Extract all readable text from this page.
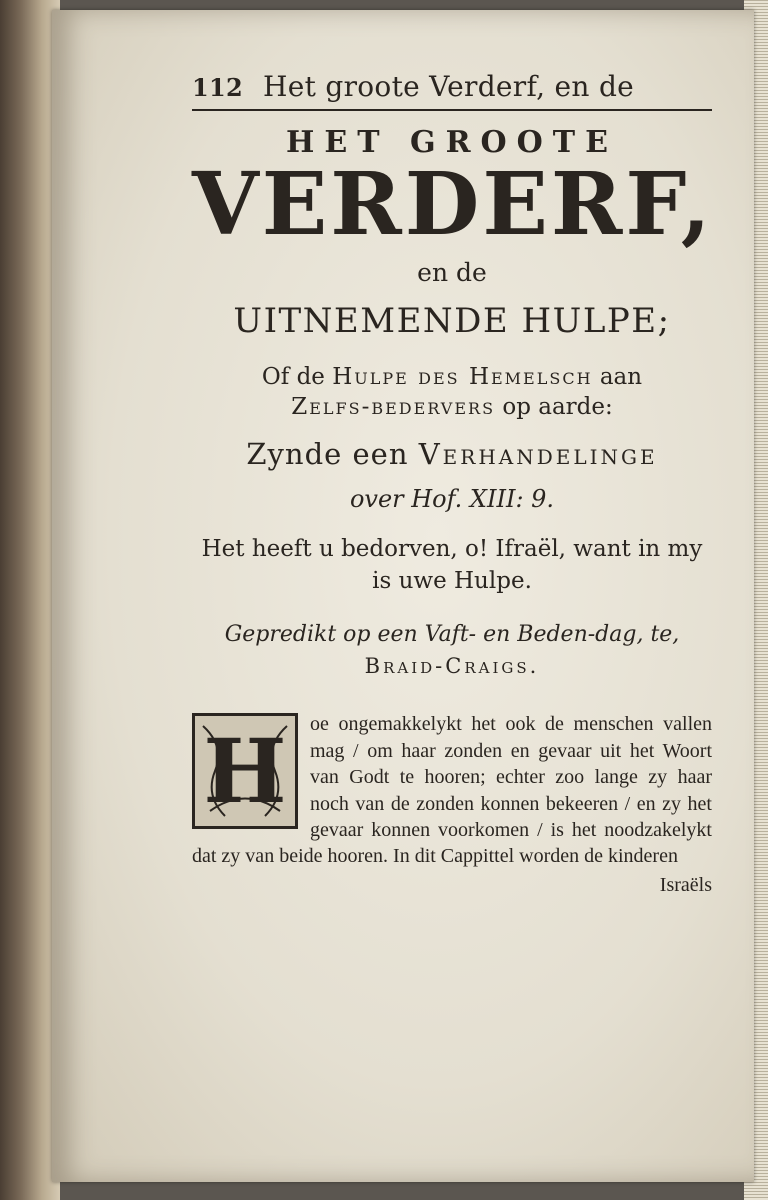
112 Het groote Verderf, en de
HET GROOTE
VERDERF,
en de
UITNEMENDE HULPE;
Of de Hulpe des Hemelsch aan
Zelfs-bedervers op aarde:
Zynde een Verhandelinge
over Hof. XIII: 9.
Het heeft u bedorven, o! Ifraël, want in my is uwe Hulpe.
Gepredikt op een Vaft- en Beden-dag, te,
Braid-Craigs.
H	oe ongemakkelykt het ook de menschen vallen mag / om haar zonden en gevaar uit het Woort van Godt te hooren; echter zoo lange zy haar noch van de zonden konnen bekeeren / en zy het gevaar konnen voorkomen / is het noodzakelykt dat zy van beide hooren. In dit Cappittel worden de kinderen

Israëls
